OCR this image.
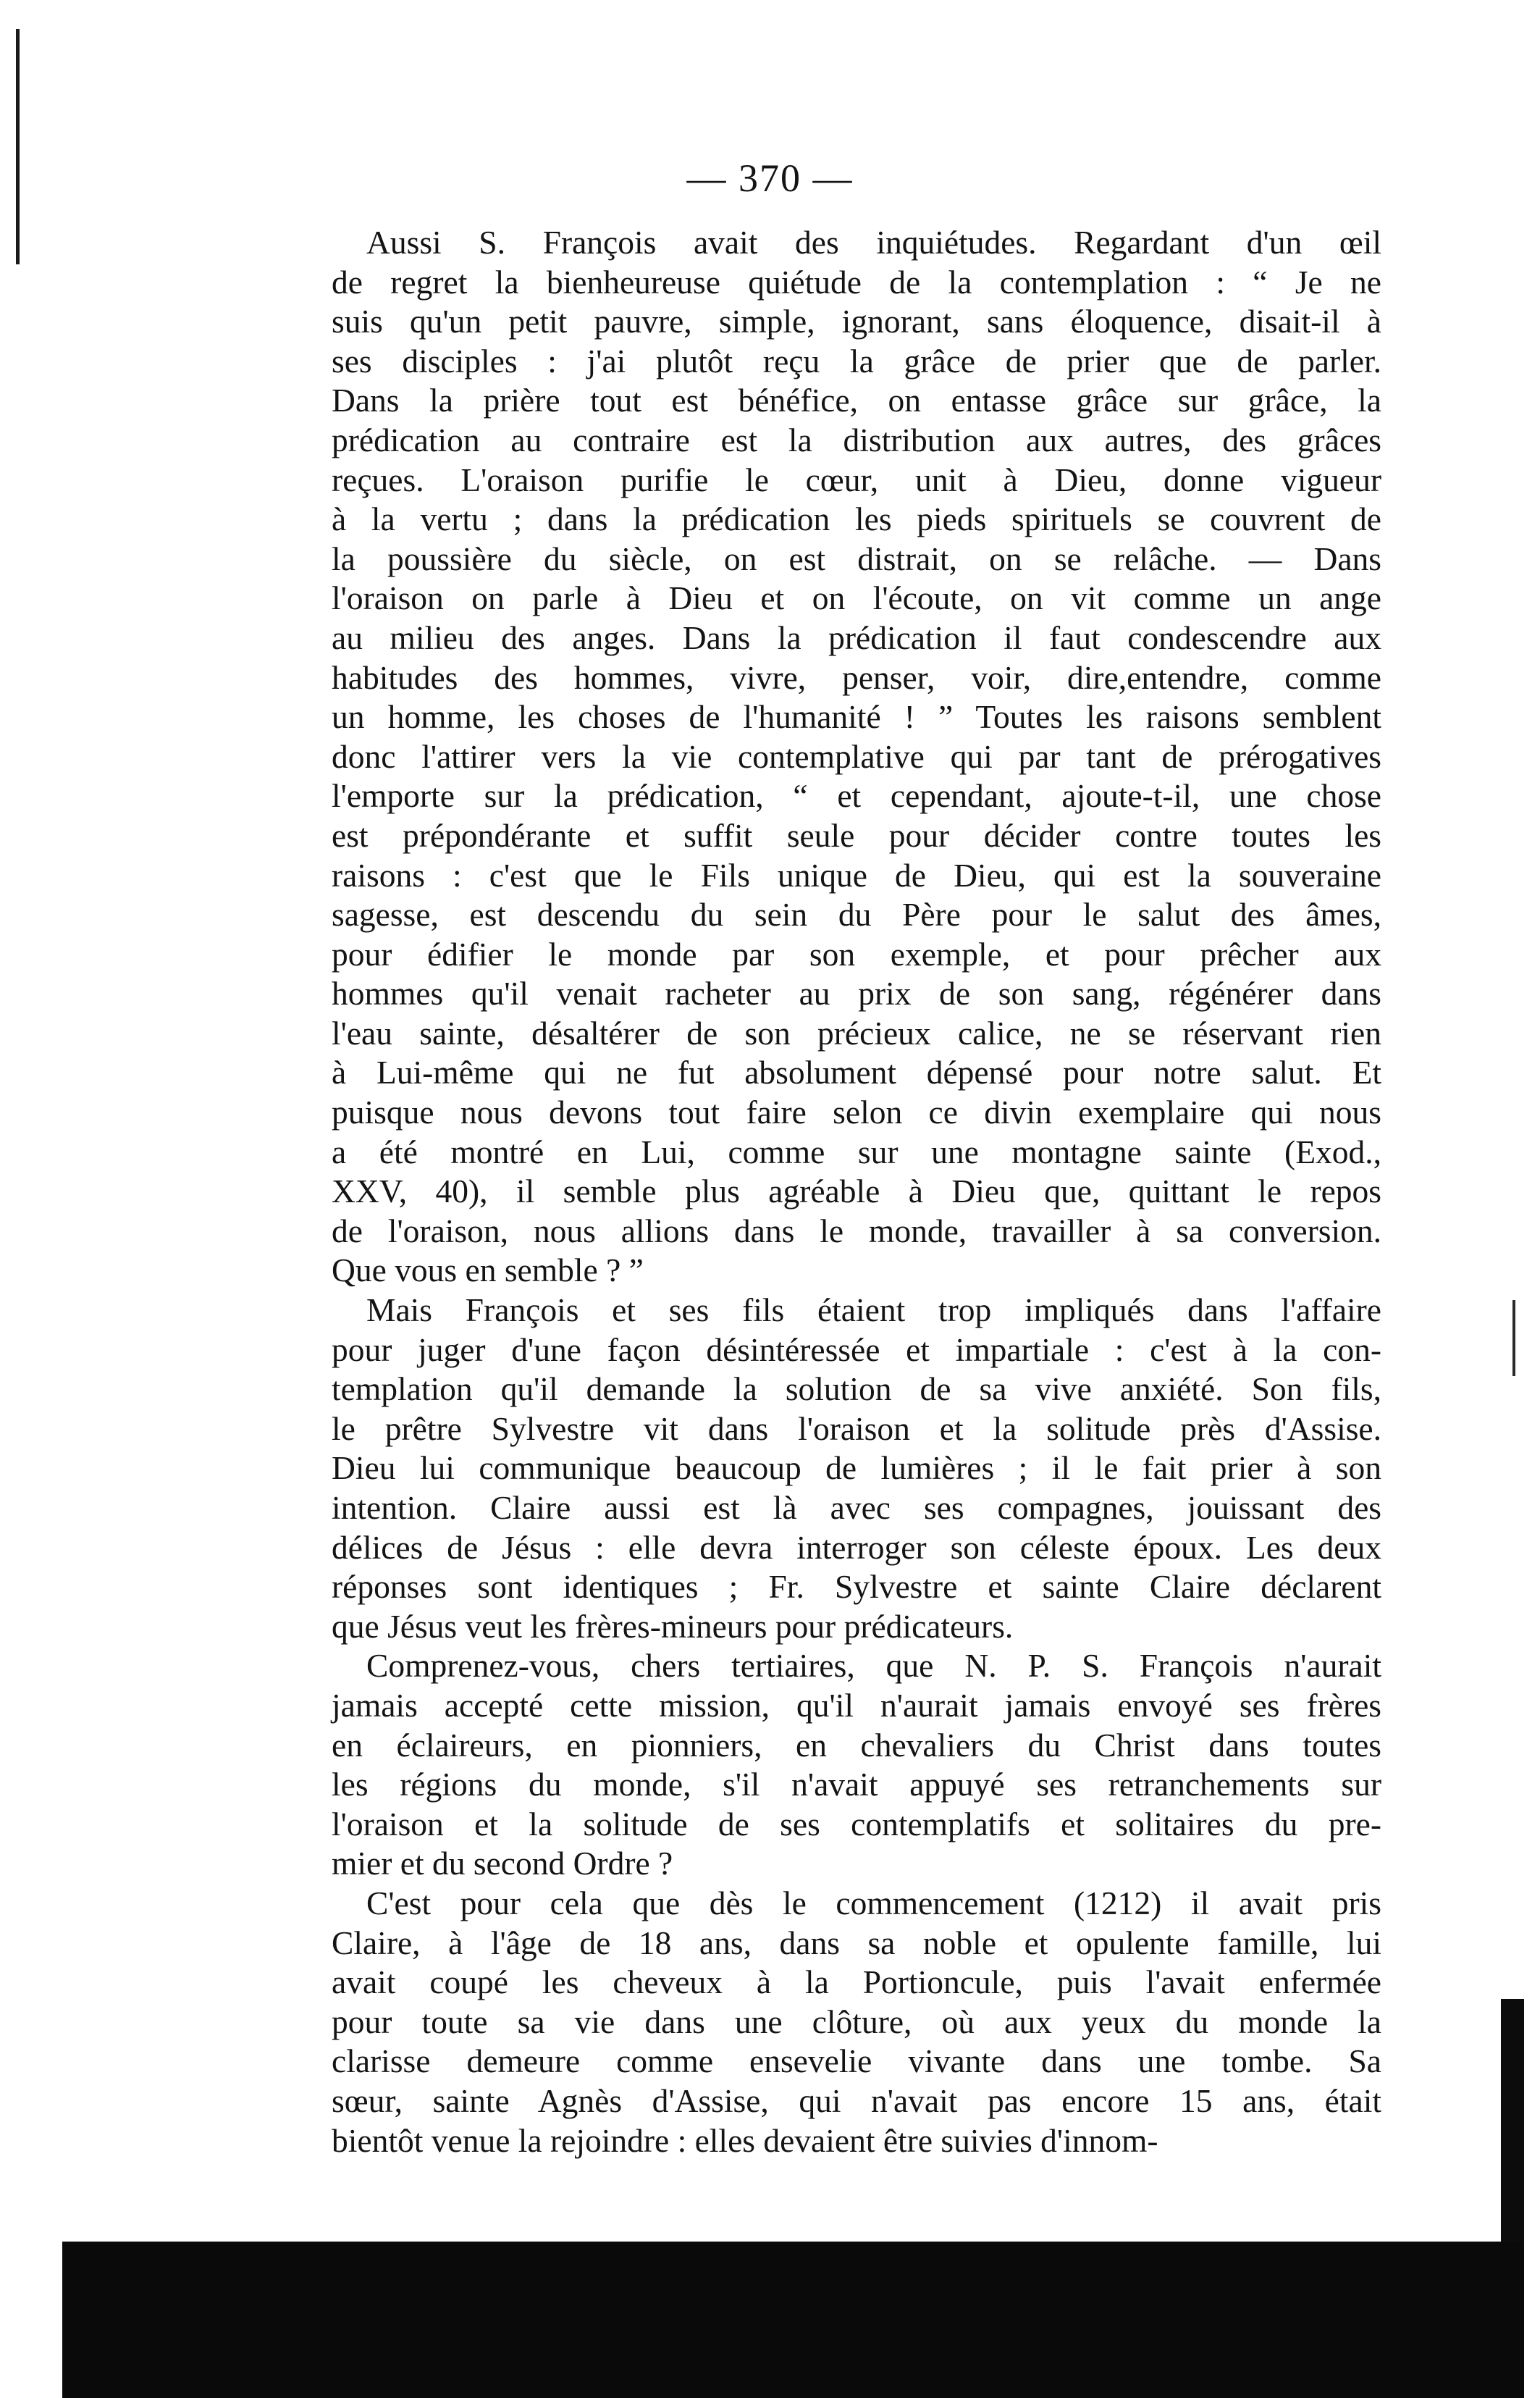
— 370 —

Aussi S. François avait des inquiétudes. Regardant d'un œil
de regret la bienheureuse quiétude de la contemplation : “ Je ne
suis qu'un petit pauvre, simple, ignorant, sans éloquence, disait-il à
ses disciples : j'ai plutôt reçu la grâce de prier que de parler.
Dans la prière tout est bénéfice, on entasse grâce sur grâce, la
prédication au contraire est la distribution aux autres, des grâces
reçues. L'oraison purifie le cœur, unit à Dieu, donne vigueur
à la vertu ; dans la prédication les pieds spirituels se couvrent de
la poussière du siècle, on est distrait, on se relâche. — Dans
l'oraison on parle à Dieu et on l'écoute, on vit comme un ange
au milieu des anges. Dans la prédication il faut condescendre aux
habitudes des hommes, vivre, penser, voir, dire,entendre, comme
un homme, les choses de l'humanité ! ” Toutes les raisons semblent
donc l'attirer vers la vie contemplative qui par tant de prérogatives
l'emporte sur la prédication, “ et cependant, ajoute-t-il, une chose
est prépondérante et suffit seule pour décider contre toutes les
raisons : c'est que le Fils unique de Dieu, qui est la souveraine
sagesse, est descendu du sein du Père pour le salut des âmes,
pour édifier le monde par son exemple, et pour prêcher aux
hommes qu'il venait racheter au prix de son sang, régénérer dans
l'eau sainte, désaltérer de son précieux calice, ne se réservant rien
à Lui-même qui ne fut absolument dépensé pour notre salut. Et
puisque nous devons tout faire selon ce divin exemplaire qui nous
a été montré en Lui, comme sur une montagne sainte (Exod.,
XXV, 40), il semble plus agréable à Dieu que, quittant le repos
de l'oraison, nous allions dans le monde, travailler à sa conversion.
Que vous en semble ? ”

Mais François et ses fils étaient trop impliqués dans l'affaire
pour juger d'une façon désintéressée et impartiale : c'est à la con-
templation qu'il demande la solution de sa vive anxiété. Son fils,
le prêtre Sylvestre vit dans l'oraison et la solitude près d'Assise.
Dieu lui communique beaucoup de lumières ; il le fait prier à son
intention. Claire aussi est là avec ses compagnes, jouissant des
délices de Jésus : elle devra interroger son céleste époux. Les deux
réponses sont identiques ; Fr. Sylvestre et sainte Claire déclarent
que Jésus veut les frères-mineurs pour prédicateurs.

Comprenez-vous, chers tertiaires, que N. P. S. François n'aurait
jamais accepté cette mission, qu'il n'aurait jamais envoyé ses frères
en éclaireurs, en pionniers, en chevaliers du Christ dans toutes
les régions du monde, s'il n'avait appuyé ses retranchements sur
l'oraison et la solitude de ses contemplatifs et solitaires du pre-
mier et du second Ordre ?

C'est pour cela que dès le commencement (1212) il avait pris
Claire, à l'âge de 18 ans, dans sa noble et opulente famille, lui
avait coupé les cheveux à la Portioncule, puis l'avait enfermée
pour toute sa vie dans une clôture, où aux yeux du monde la
clarisse demeure comme ensevelie vivante dans une tombe. Sa
sœur, sainte Agnès d'Assise, qui n'avait pas encore 15 ans, était
bientôt venue la rejoindre : elles devaient être suivies d'innom-
